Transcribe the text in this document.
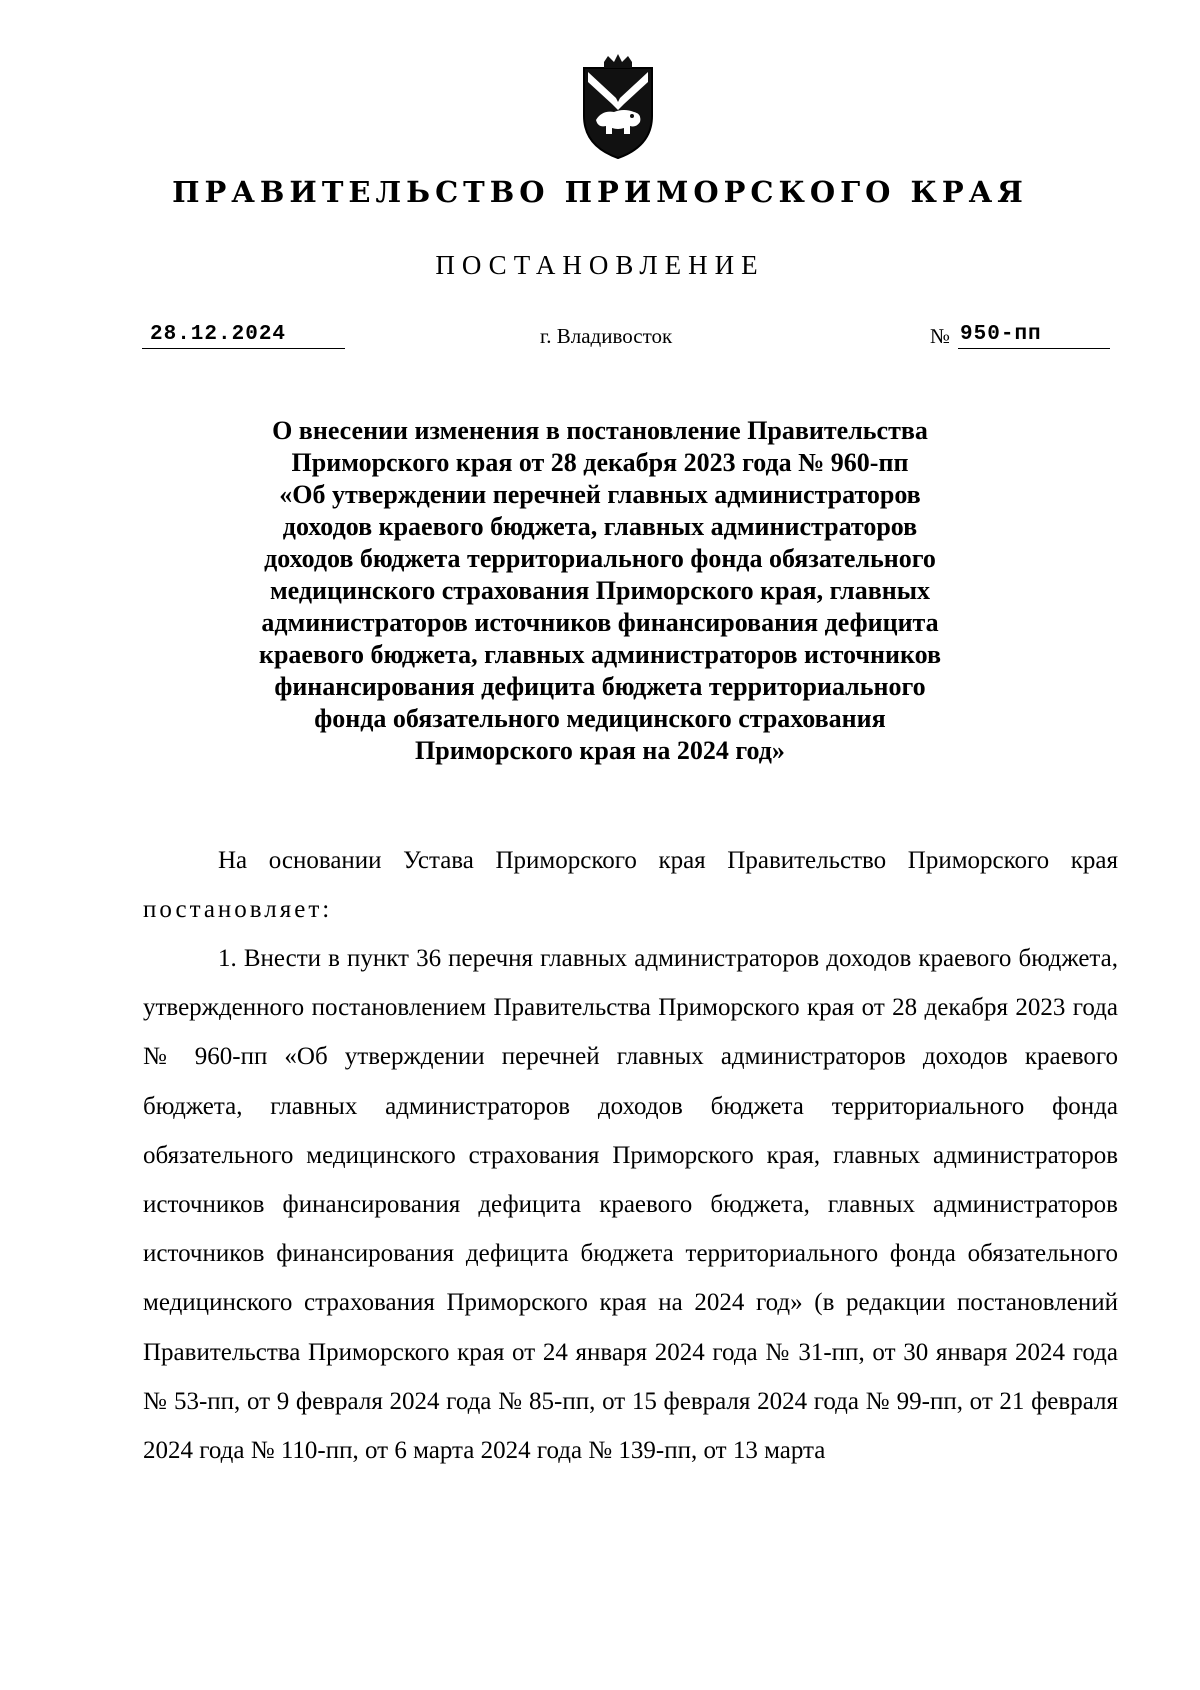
ПРАВИТЕЛЬСТВО ПРИМОРСКОГО КРАЯ
ПОСТАНОВЛЕНИЕ
28.12.2024	г. Владивосток	№ 950-пп
О внесении изменения в постановление Правительства
Приморского края от 28 декабря 2023 года № 960-пп
«Об утверждении перечней главных администраторов
доходов краевого бюджета, главных администраторов
доходов бюджета территориального фонда обязательного
медицинского страхования Приморского края, главных
администраторов источников финансирования дефицита
краевого бюджета, главных администраторов источников
финансирования дефицита бюджета территориального
фонда обязательного медицинского страхования
Приморского края на 2024 год»

На основании Устава Приморского края Правительство Приморского края постановляет:

1. Внести в пункт 36 перечня главных администраторов доходов краевого бюджета, утвержденного постановлением Правительства Приморского края от 28 декабря 2023 года № 960-пп «Об утверждении перечней главных администраторов доходов краевого бюджета, главных администраторов доходов бюджета территориального фонда обязательного медицинского страхования Приморского края, главных администраторов источников финансирования дефицита краевого бюджета, главных администраторов источников финансирования дефицита бюджета территориального фонда обязательного медицинского страхования Приморского края на 2024 год» (в редакции постановлений Правительства Приморского края от 24 января 2024 года № 31-пп, от 30 января 2024 года № 53-пп, от 9 февраля 2024 года № 85-пп, от 15 февраля 2024 года № 99-пп, от 21 февраля 2024 года № 110-пп, от 6 марта 2024 года № 139-пп, от 13 марта
